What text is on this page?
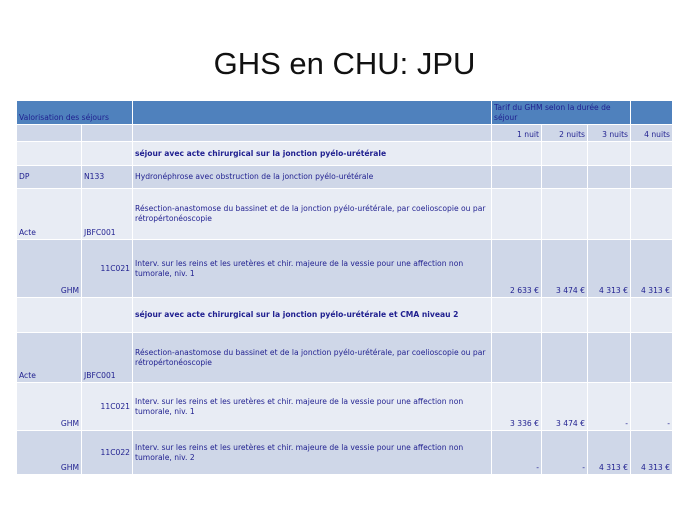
GHS en CHU: JPU
Valorisation des séjours			Tarif du GHM selon la durée de séjour			
			1 nuit	2 nuits	3 nuits	4 nuits
		séjour avec acte chirurgical sur la jonction pyélo-urétérale				
DP	N133	Hydronéphrose avec obstruction de la jonction pyélo-urétérale				
Acte	JBFC001	Résection-anastomose du bassinet et de la jonction pyélo-urétérale, par coelioscopie ou par rétropértonéoscopie				
GHM	11C021	Interv. sur les reins et les uretères et chir. majeure de la vessie pour une affection non tumorale, niv. 1	2 633 €	3 474 €	4 313 €	4 313 €
		séjour avec acte chirurgical sur la jonction pyélo-urétérale et CMA niveau 2				
Acte	JBFC001	Résection-anastomose du bassinet et de la jonction pyélo-urétérale, par coelioscopie ou par rétropértonéoscopie				
GHM	11C021	Interv. sur les reins et les uretères et chir. majeure de la vessie pour une affection non tumorale, niv. 1	3 336 €	3 474 €	-	-
GHM	11C022	Interv. sur les reins et les uretères et chir. majeure de la vessie pour une affection non tumorale, niv. 2	-	-	4 313 €	4 313 €
